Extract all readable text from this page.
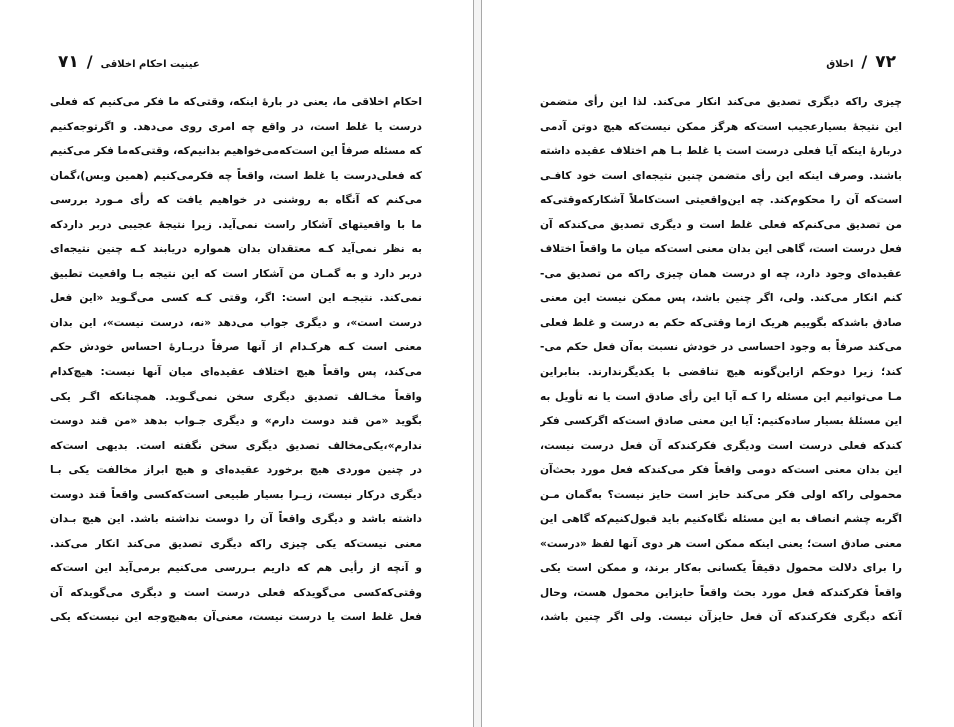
عینیت احکام اخلاقی
/
۷۱
احکام اخلاقی ما، یعنی در بارهٔ اینکه، وقتی‌که ما فکر می‌کنیم که فعلی
درست یا غلط است، در واقع چه امری روی می‌دهد. و اگرتوجه‌کنیم
که مسئله صرفاً این است‌که‌می‌خواهیم بدانیم‌که، وقتی‌که‌ما فکر می‌کنیم
که فعلی‌درست یا غلط است، واقعاً چه فکرمی‌کنیم (همین وبس)،گمان
می‌کنم که آنگاه به روشنی در خواهیم یافت که رأی مـورد بررسی
ما با واقعیتهای آشکار راست نمی‌آید. زیرا نتیجهٔ عجیبی دربر داردکه
به نظر نمی‌آید کـه معتقدان بدان همواره دریابند کـه چنین نتیجه‌ای
دربر دارد و به گمـان من آشکار است که این نتیجه بـا واقعیت تطبیق
نمی‌کند. نتیجـه این است: اگر، وقتی کـه کسی می‌گـوید «این فعل
درست است»، و دیگری جواب می‌دهد «نه، درست نیست»، این بدان
معنی است کـه هرکـدام از آنها صرفاً دربـارهٔ احساس خودش حکم
می‌کند، پس واقعاً هیچ اختلاف عقیده‌ای میان آنها نیست: هیچ‌کدام
واقعاً مخـالف تصدیق دیگری سخن نمی‌گـوید. همچنانکه اگـر یکی
بگوید «من قند دوست دارم» و دیگری جـواب بدهد «من قند دوست
ندارم»،یکی‌مخالف تصدیق دیگری سخن نگفته است. بدیهی است‌که
در چنین موردی هیچ برخورد عقیده‌ای و هیچ ابراز مخالفت یکی بـا
دیگری درکار نیست، زیـرا بسیار طبیعی است‌که‌کسی واقعاً قند دوست
داشته باشد و دیگری واقعاً آن را دوست نداشته باشد. این هیچ بـدان
معنی نیست‌که یکی چیزی راکه دیگری تصدیق می‌کند انکار می‌کند.
و آنچه از رأیی هم که داریم بـررسی می‌کنیم برمی‌آید این است‌که
وقتی‌که‌کسی می‌گوید‌که فعلی درست است و دیگری می‌گویدکه آن
فعل غلط است یا درست نیست، معنی‌آن به‌هیچ‌وجه این نیست‌که یکی
۷۲
/
اخلاق
چیزی راکه دیگری تصدیق می‌کند انکار می‌کند. لذا این رأی متضمن
این نتیجهٔ بسیارعجیب است‌که هرگز ممکن نیست‌که هیچ دوتن آدمی
دربارهٔ اینکه آیا فعلی درست است یا غلط بـا هم اختلاف عقیده داشته
باشند. وصرف اینکه این رأی متضمن چنین نتیجه‌ای است خود کافـی
است‌که آن را محکوم‌کند. چه این‌واقعیتی است‌کاملاً آشکار‌که‌وقتی‌که
من تصدیق می‌کنم‌که فعلی غلط است و دیگری تصدیق می‌کندکه آن
فعل درست است، گاهی این بدان معنی است‌که میان ما واقعاً اختلاف
عقیده‌ای وجود دارد، چه او درست همان چیزی راکه من تصدیق می-
کنم انکار می‌کند. ولی، اگر چنین باشد، پس ممکن نیست این معنی
صادق باشدکه بگوییم هریک ازما وقتی‌که حکم به درست و غلط فعلی
می‌کند صرفاً به وجود احساسی در خودش نسبت به‌آن فعل حکم می‌-
کند؛ زیرا دوحکم ازاین‌گونه هیچ تناقضی با یکدیگرندارند. بنابراین
مـا می‌توانیم این مسئله را کـه آیا این رأی صادق است یا نه تأویل به
این مسئلهٔ بسیار ساده‌کنیم: آیا این معنی صادق است‌که اگرکسی فکر
کندکه فعلی درست است ودیگری فکرکندکه آن فعل درست نیست،
این بدان معنی است‌که دومی واقعاً فکر می‌کندکه فعل مورد بحث‌آن
محمولی راکه اولی فکر می‌کند حایز است حایز نیست؟ به‌گمان مـن
اگربه چشم انصاف به این مسئله نگاه‌کنیم باید قبول‌کنیم‌که گاهی این
معنی صادق است؛ یعنی اینکه ممکن است هر دوی آنها لفظ «درست»
را برای دلالت محمول دقیقاً یکسانی به‌کار برند، و ممکن است یکی
واقعاً فکرکندکه فعل مورد بحث واقعاً حایزاین محمول هست، وحال
آنکه دیگری فکرکندکه آن فعل حایزآن نیست. ولی اگر چنین باشد،
